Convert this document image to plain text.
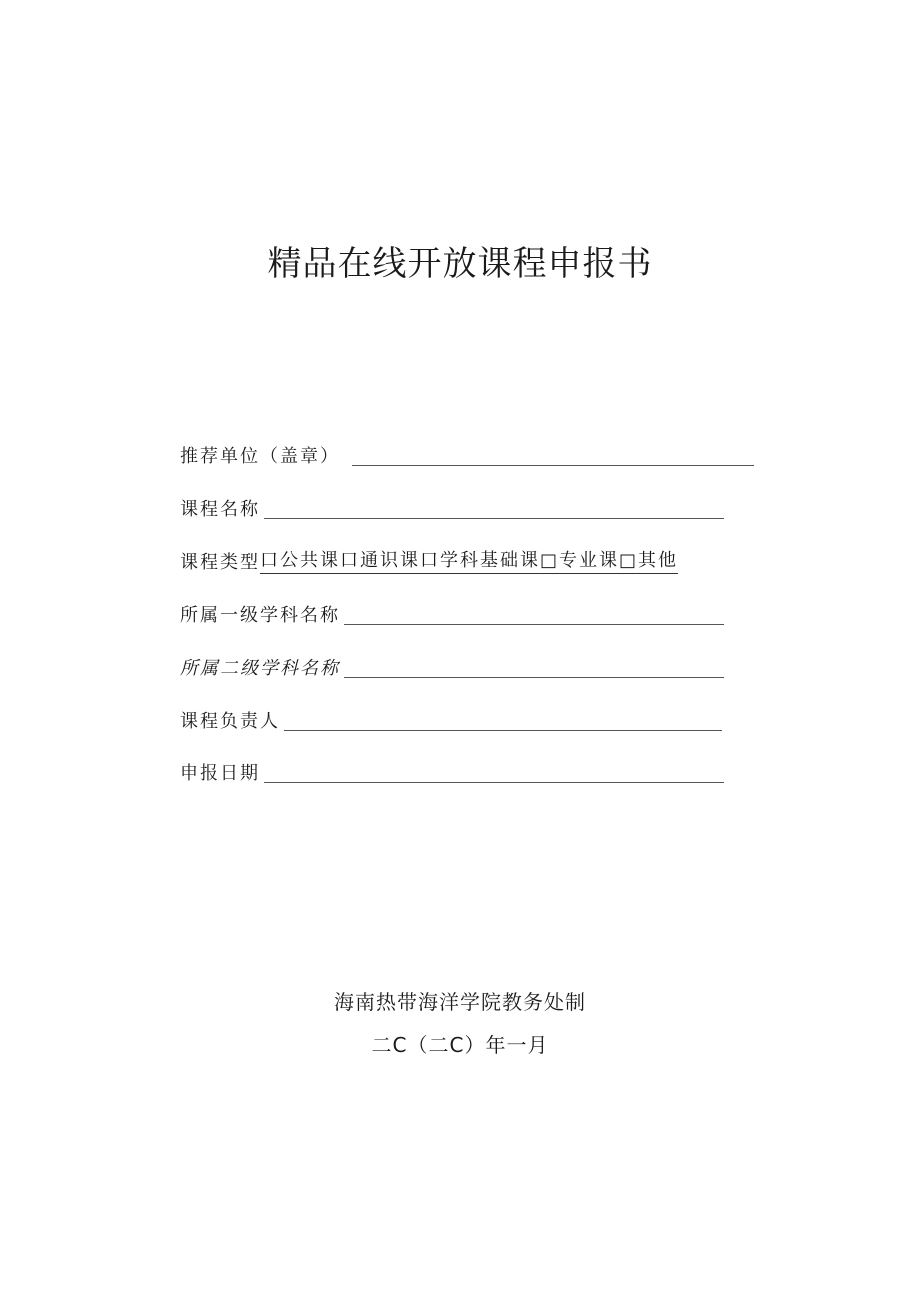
精品在线开放课程申报书
推荐单位（盖章）
课程名称
课程类型 口公共课口通识课口学科基础课□专业课□其他
所属一级学科名称
所属二级学科名称
课程负责人
申报日期
海南热带海洋学院教务处制
二C（二C）年一月
